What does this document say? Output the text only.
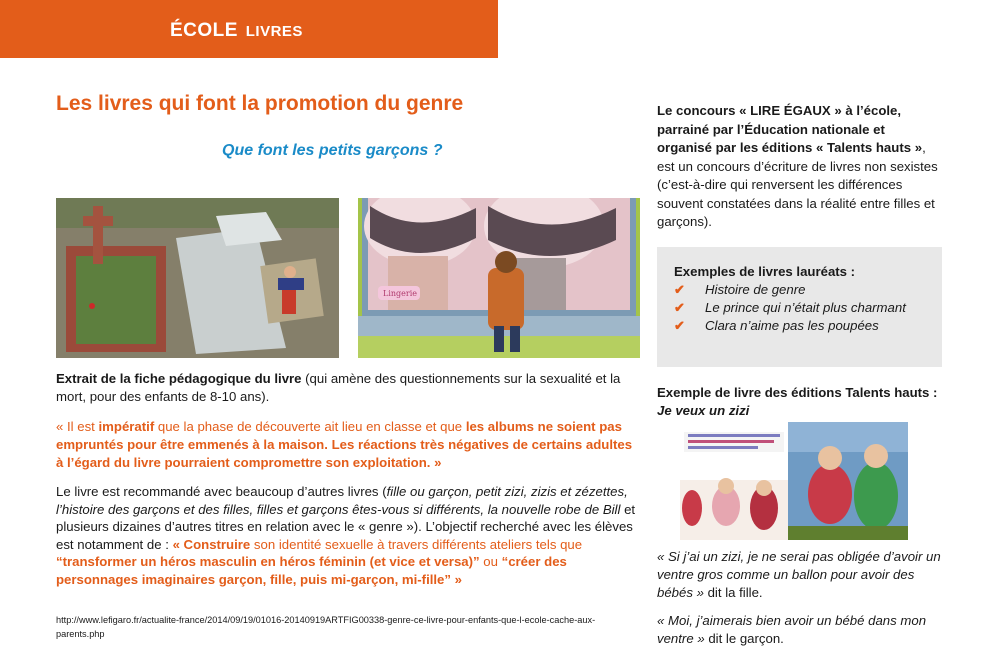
ÉCOLE LIVRES
Les livres qui font la promotion du genre
Que font les petits garçons ?
Lingerie
Extrait de la fiche pédagogique du livre (qui amène des questionnements sur la sexualité et la mort, pour des enfants de 8-10 ans).
« Il est impératif que la phase de découverte ait lieu en classe et que les albums ne soient pas empruntés pour être emmenés à la maison. Les réactions très négatives de certains adultes à l’égard du livre pourraient compromettre son exploitation. »
Le livre est recommandé avec beaucoup d’autres livres (fille ou garçon, petit zizi, zizis et zézettes, l’histoire des garçons et des filles, filles et garçons êtes-vous si différents, la nouvelle robe de Bill et plusieurs dizaines d’autres titres en relation avec le « genre »). L’objectif recherché avec les élèves est notamment de : « Construire son identité sexuelle à travers différents ateliers tels que “transformer un héros masculin en héros féminin (et vice et versa)” ou “créer des personnages imaginaires garçon, fille, puis mi-garçon, mi-fille” »
http://www.lefigaro.fr/actualite-france/2014/09/19/01016-20140919ARTFIG00338-genre-ce-livre-pour-enfants-que-l-ecole-cache-aux-parents.php
Le concours « LIRE ÉGAUX » à l’école, parrainé par l’Éducation nationale et organisé par les éditions « Talents hauts », est un concours d’écriture de livres non sexistes (c’est-à-dire qui renversent les différences souvent constatées dans la réalité entre filles et garçons).
Exemples de livres lauréats :
✔ Histoire de genre
✔ Le prince qui n’était plus charmant
✔ Clara n’aime pas les poupées
Exemple de livre des éditions Talents hauts : Je veux un zizi
« Si j’ai un zizi, je ne serai pas obligée d’avoir un ventre gros comme un ballon pour avoir des bébés » dit la fille.
« Moi, j’aimerais bien avoir un bébé dans mon ventre » dit le garçon.
